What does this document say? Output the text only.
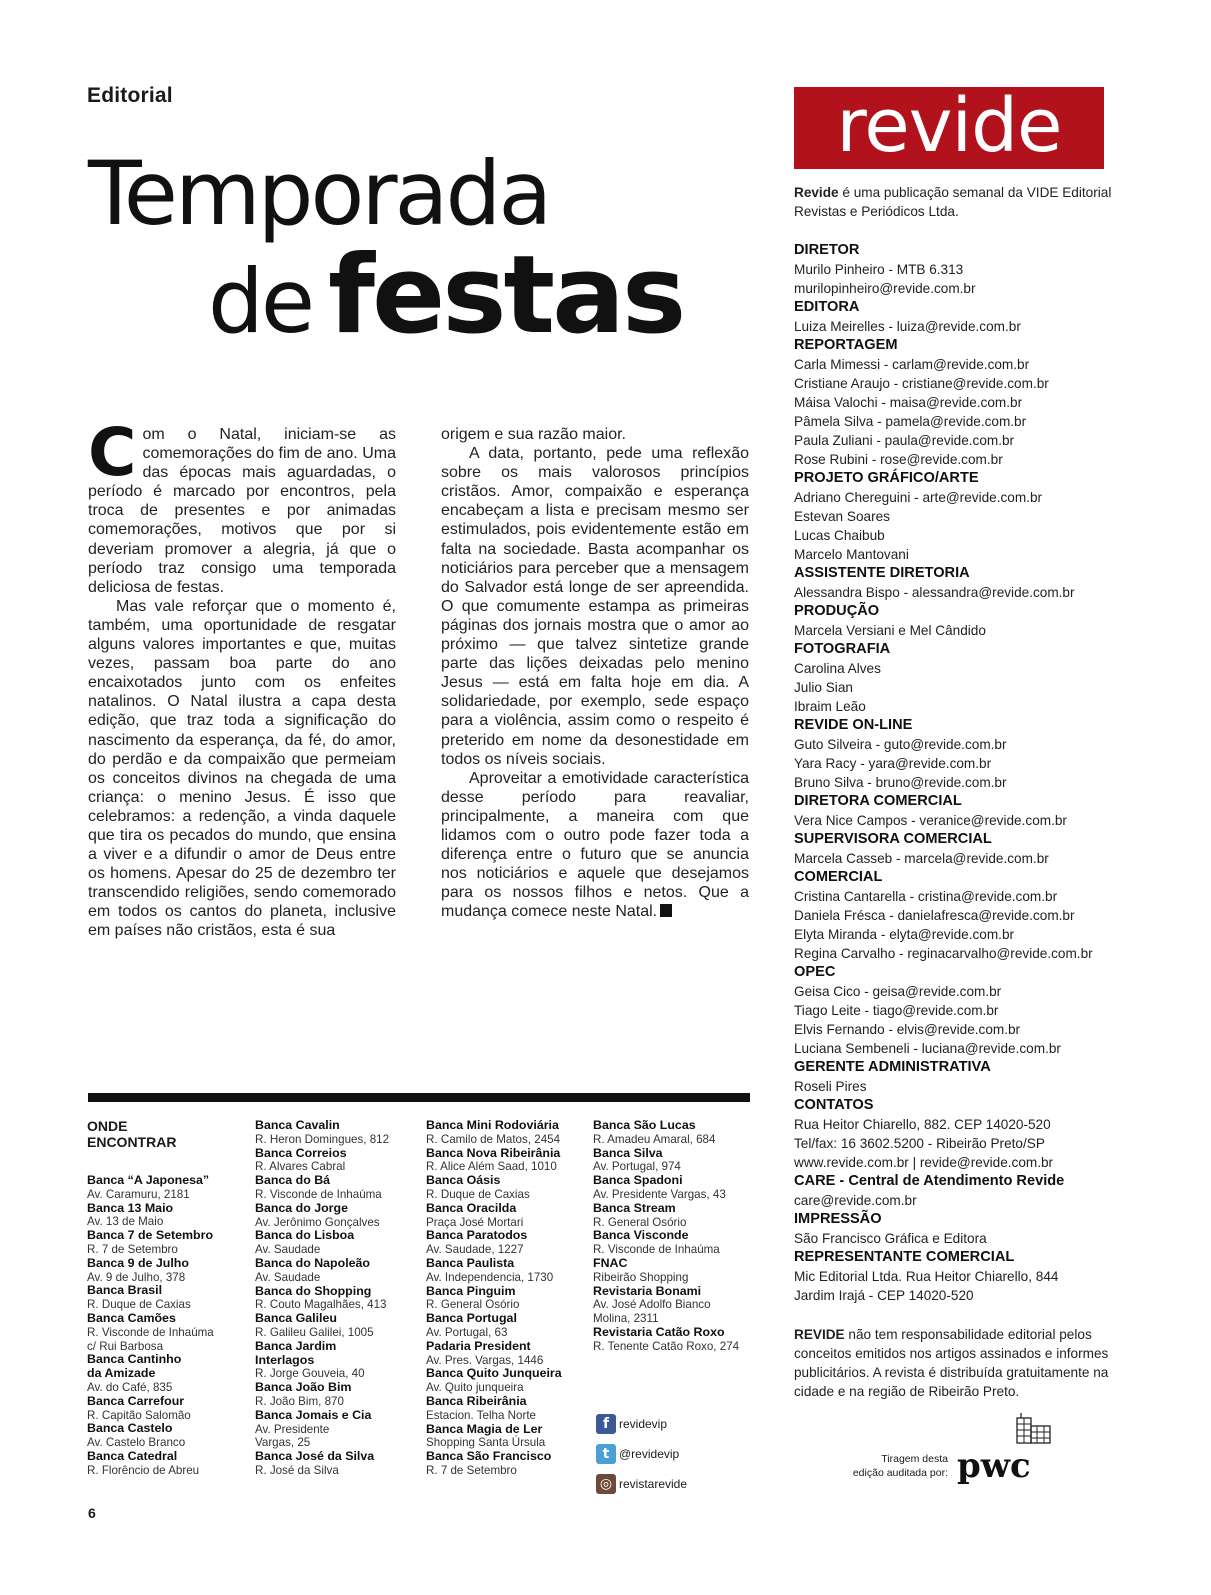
Editorial
Temporada
de festas

Com o Natal, iniciam-se as comemorações do fim de ano. Uma das épocas mais aguardadas, o período é marcado por encontros, pela troca de presentes e por animadas comemorações, motivos que por si deveriam promover a alegria, já que o período traz consigo uma temporada deliciosa de festas.

Mas vale reforçar que o momento é, também, uma oportunidade de resgatar alguns valores importantes e que, muitas vezes, passam boa parte do ano encaixotados junto com os enfeites natalinos. O Natal ilustra a capa desta edição, que traz toda a significação do nascimento da esperança, da fé, do amor, do perdão e da compaixão que permeiam os conceitos divinos na chegada de uma criança: o menino Jesus. É isso que celebramos: a redenção, a vinda daquele que tira os pecados do mundo, que ensina a viver e a difundir o amor de Deus entre os homens. Apesar do 25 de dezembro ter transcendido religiões, sendo comemorado em todos os cantos do planeta, inclusive em países não cristãos, esta é sua

origem e sua razão maior.

A data, portanto, pede uma reflexão sobre os mais valorosos princípios cristãos. Amor, compaixão e esperança encabeçam a lista e precisam mesmo ser estimulados, pois evidentemente estão em falta na sociedade. Basta acompanhar os noticiários para perceber que a mensagem do Salvador está longe de ser apreendida. O que comumente estampa as primeiras páginas dos jornais mostra que o amor ao próximo — que talvez sintetize grande parte das lições deixadas pelo menino Jesus — está em falta hoje em dia. A solidariedade, por exemplo, sede espaço para a violência, assim como o respeito é preterido em nome da desonestidade em todos os níveis sociais.

Aproveitar a emotividade característica desse período para reavaliar, principalmente, a maneira com que lidamos com o outro pode fazer toda a diferença entre o futuro que se anuncia nos noticiários e aquele que desejamos para os nossos filhos e netos. Que a mudança comece neste Natal.

ONDE
ENCONTRAR
Banca “A Japonesa”
Av. Caramuru, 2181
Banca 13 Maio
Av. 13 de Maio
Banca 7 de Setembro
R. 7 de Setembro
Banca 9 de Julho
Av. 9 de Julho, 378
Banca Brasil
R. Duque de Caxias
Banca Camões
R. Visconde de Inhaúma
c/ Rui Barbosa
Banca Cantinho
da Amizade
Av. do Café, 835
Banca Carrefour
R. Capitão Salomão
Banca Castelo
Av. Castelo Branco
Banca Catedral
R. Florêncio de Abreu
Banca Cavalin
R. Heron Domingues, 812
Banca Correios
R. Alvares Cabral
Banca do Bá
R. Visconde de Inhaúma
Banca do Jorge
Av. Jerônimo Gonçalves
Banca do Lisboa
Av. Saudade
Banca do Napoleão
Av. Saudade
Banca do Shopping
R. Couto Magalhães, 413
Banca Galileu
R. Galileu Galilei, 1005
Banca Jardim
Interlagos
R. Jorge Gouveia, 40
Banca João Bim
R. João Bim, 870
Banca Jomais e Cia
Av. Presidente
Vargas, 25
Banca José da Silva
R. José da Silva
Banca Mini Rodoviária
R. Camilo de Matos, 2454
Banca Nova Ribeirânia
R. Alice Além Saad, 1010
Banca Oásis
R. Duque de Caxias
Banca Oracilda
Praça José Mortari
Banca Paratodos
Av. Saudade, 1227
Banca Paulista
Av. Independencia, 1730
Banca Pinguim
R. General Osório
Banca Portugal
Av. Portugal, 63
Padaria President
Av. Pres. Vargas, 1446
Banca Quito Junqueira
Av. Quito junqueira
Banca Ribeirânia
Estacion. Telha Norte
Banca Magia de Ler
Shopping Santa Úrsula
Banca São Francisco
R. 7 de Setembro
Banca São Lucas
R. Amadeu Amaral, 684
Banca Silva
Av. Portugal, 974
Banca Spadoni
Av. Presidente Vargas, 43
Banca Stream
R. General Osório
Banca Visconde
R. Visconde de Inhaúma
FNAC
Ribeirão Shopping
Revistaria Bonami
Av. José Adolfo Bianco
Molina, 2311
Revistaria Catão Roxo
R. Tenente Catão Roxo, 274
f revidevip
t @revidevip
◎ revistarevide
6
revide
Revide é uma publicação semanal da VIDE Editorial Revistas e Periódicos Ltda.
DIRETOR
Murilo Pinheiro - MTB 6.313
murilopinheiro@revide.com.br
EDITORA
Luiza Meirelles - luiza@revide.com.br
REPORTAGEM
Carla Mimessi - carlam@revide.com.br
Cristiane Araujo - cristiane@revide.com.br
Máisa Valochi - maisa@revide.com.br
Pâmela Silva - pamela@revide.com.br
Paula Zuliani - paula@revide.com.br
Rose Rubini - rose@revide.com.br
PROJETO GRÁFICO/ARTE
Adriano Chereguini - arte@revide.com.br
Estevan Soares
Lucas Chaibub
Marcelo Mantovani
ASSISTENTE DIRETORIA
Alessandra Bispo - alessandra@revide.com.br
PRODUÇÃO
Marcela Versiani e Mel Cândido
FOTOGRAFIA
Carolina Alves
Julio Sian
Ibraim Leão
REVIDE ON-LINE
Guto Silveira - guto@revide.com.br
Yara Racy - yara@revide.com.br
Bruno Silva - bruno@revide.com.br
DIRETORA COMERCIAL
Vera Nice Campos - veranice@revide.com.br
SUPERVISORA COMERCIAL
Marcela Casseb - marcela@revide.com.br
COMERCIAL
Cristina Cantarella - cristina@revide.com.br
Daniela Frésca - danielafresca@revide.com.br
Elyta Miranda - elyta@revide.com.br
Regina Carvalho - reginacarvalho@revide.com.br
OPEC
Geisa Cico - geisa@revide.com.br
Tiago Leite - tiago@revide.com.br
Elvis Fernando - elvis@revide.com.br
Luciana Sembeneli - luciana@revide.com.br
GERENTE ADMINISTRATIVA
Roseli Pires
CONTATOS
Rua Heitor Chiarello, 882. CEP 14020-520
Tel/fax: 16 3602.5200 - Ribeirão Preto/SP
www.revide.com.br | revide@revide.com.br
CARE - Central de Atendimento Revide
care@revide.com.br
IMPRESSÃO
São Francisco Gráfica e Editora
REPRESENTANTE COMERCIAL
Mic Editorial Ltda. Rua Heitor Chiarello, 844
Jardim Irajá - CEP 14020-520
REVIDE não tem responsabilidade editorial pelos conceitos emitidos nos artigos assinados e informes publicitários. A revista é distribuída gratuitamente na cidade e na região de Ribeirão Preto.
Tiragem desta
edição auditada por: pwc
